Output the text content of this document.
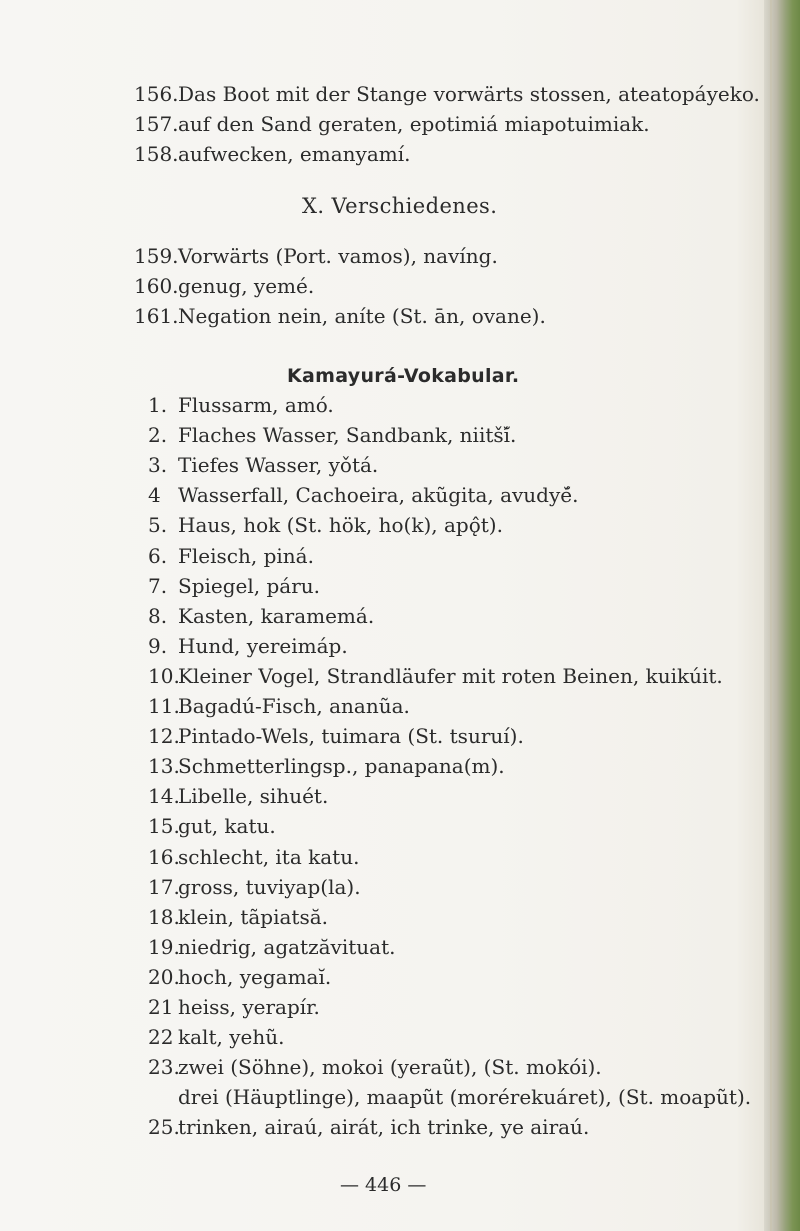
156. Das Boot mit der Stange vorwärts stossen, ateatopáyeko.
157. auf den Sand geraten, epotimiá miapotuimiak.
158. aufwecken, emanyamí.
X. Verschiedenes.
159. Vorwärts (Port. vamos), navíng.
160. genug, yemé.
161. Negation nein, aníte (St. ān, ovane).
Kamayurá-Vokabular.
1. Flussarm, amó.
2. Flaches Wasser, Sandbank, niitšĭ́.
3. Tiefes Wasser, yǒtá.
4 Wasserfall, Cachoeira, akũgita, avudyé̆.
5. Haus, hok (St. hök, ho(k), apǫ̂t).
6. Fleisch, piná.
7. Spiegel, páru.
8. Kasten, karamemá.
9. Hund, yereimáp.
10.
Kleiner Vogel, Strandläufer mit roten Beinen, kuikúit.
11.
Bagadú-Fisch, ananũa.
12.
Pintado-Wels, tuimara (St. tsuruí).
13.
Schmetterlingsp., panapana(m).
14.
Libelle, sihuét.
15.
gut, katu.
16.
schlecht, ita katu.
17.
gross, tuviyap(la).
18.
klein, tãpiatsă.
19.
niedrig, agatzăvituat.
20.
hoch, yegamaĭ.
21 heiss, yerapír.
22 kalt, yehũ.
23.
zwei (Söhne), mokoi (yeraũt), (St. mokói).
drei (Häuptlinge), maapũt (morérekuáret), (St. moapũt).
25.
trinken, airaú, airát, ich trinke, ye airaú.
— 446 —
